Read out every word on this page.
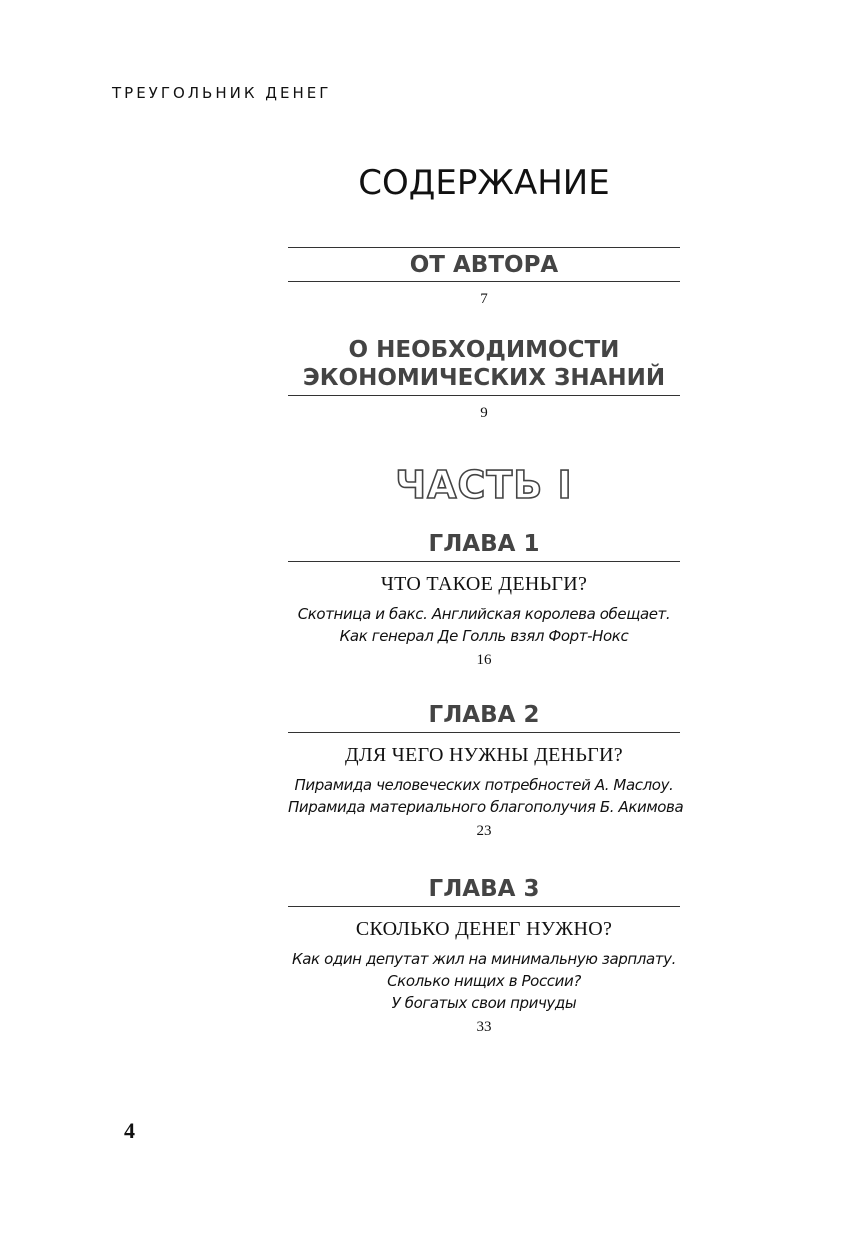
ТРЕУГОЛЬНИК ДЕНЕГ
СОДЕРЖАНИЕ
ОТ АВТОРА
7
О НЕОБХОДИМОСТИ
ЭКОНОМИЧЕСКИХ ЗНАНИЙ
9
ЧАСТЬ I
ГЛАВА 1
ЧТО ТАКОЕ ДЕНЬГИ?
Скотница и бакс. Английская королева обещает.
Как генерал Де Голль взял Форт-Нокс
16
ГЛАВА 2
ДЛЯ ЧЕГО НУЖНЫ ДЕНЬГИ?
Пирамида человеческих потребностей А. Маслоу.
Пирамида материального благополучия Б. Акимова
23
ГЛАВА 3
СКОЛЬКО ДЕНЕГ НУЖНО?
Как один депутат жил на минимальную зарплату.
Сколько нищих в России?
У богатых свои причуды
33
4
